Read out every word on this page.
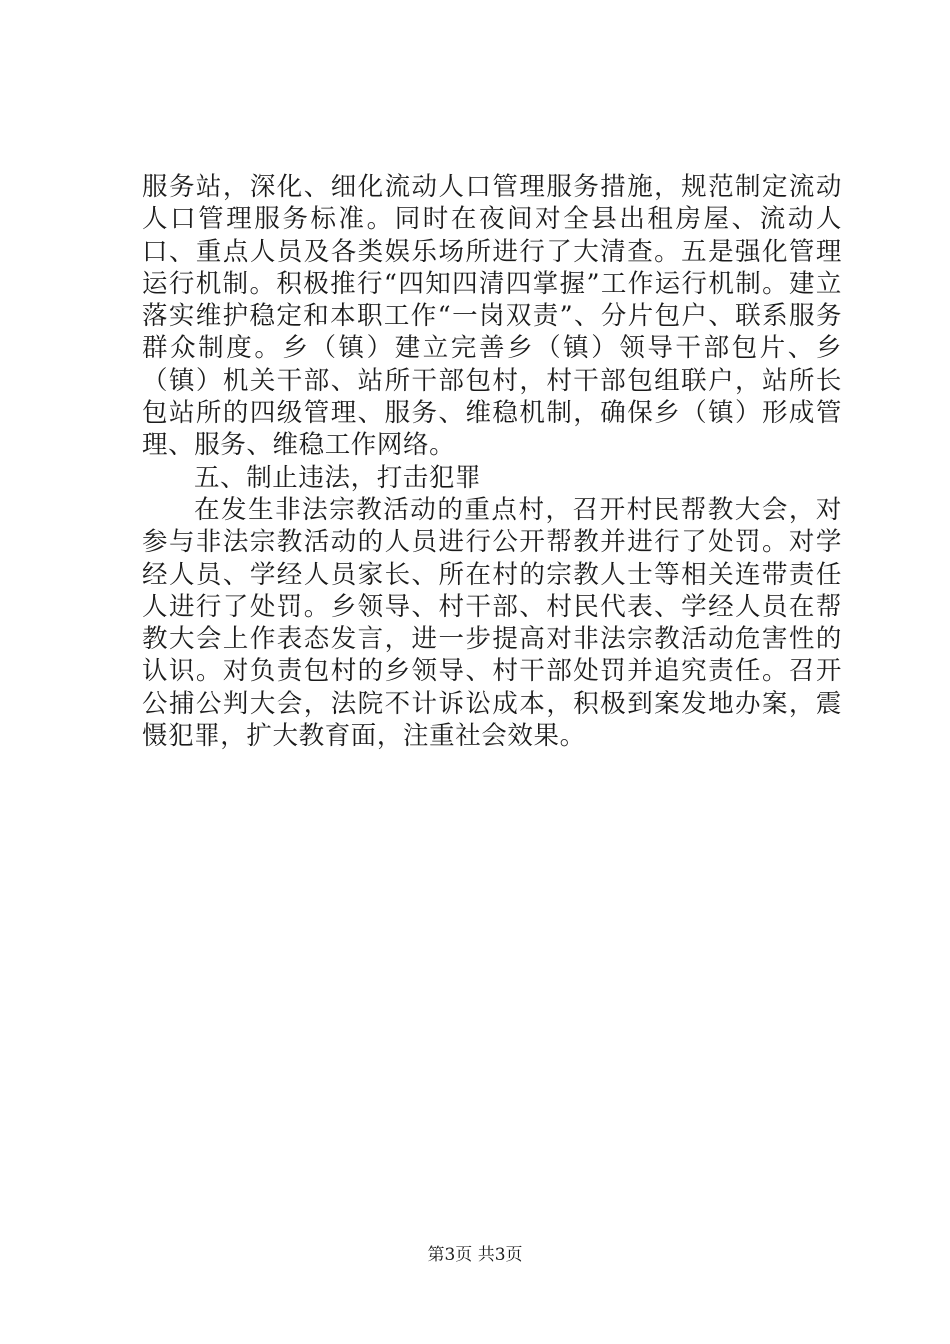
服务站，深化、细化流动人口管理服务措施，规范制定流动人口管理服务标准。同时在夜间对全县出租房屋、流动人口、重点人员及各类娱乐场所进行了大清查。五是强化管理运行机制。积极推行“四知四清四掌握”工作运行机制。建立落实维护稳定和本职工作“一岗双责”、分片包户、联系服务群众制度。乡（镇）建立完善乡（镇）领导干部包片、乡（镇）机关干部、站所干部包村，村干部包组联户，站所长包站所的四级管理、服务、维稳机制，确保乡（镇）形成管理、服务、维稳工作网络。

五、制止违法，打击犯罪

在发生非法宗教活动的重点村，召开村民帮教大会，对参与非法宗教活动的人员进行公开帮教并进行了处罚。对学经人员、学经人员家长、所在村的宗教人士等相关连带责任人进行了处罚。乡领导、村干部、村民代表、学经人员在帮教大会上作表态发言，进一步提高对非法宗教活动危害性的认识。对负责包村的乡领导、村干部处罚并追究责任。召开公捕公判大会，法院不计诉讼成本，积极到案发地办案，震慑犯罪，扩大教育面，注重社会效果。

第3页 共3页
